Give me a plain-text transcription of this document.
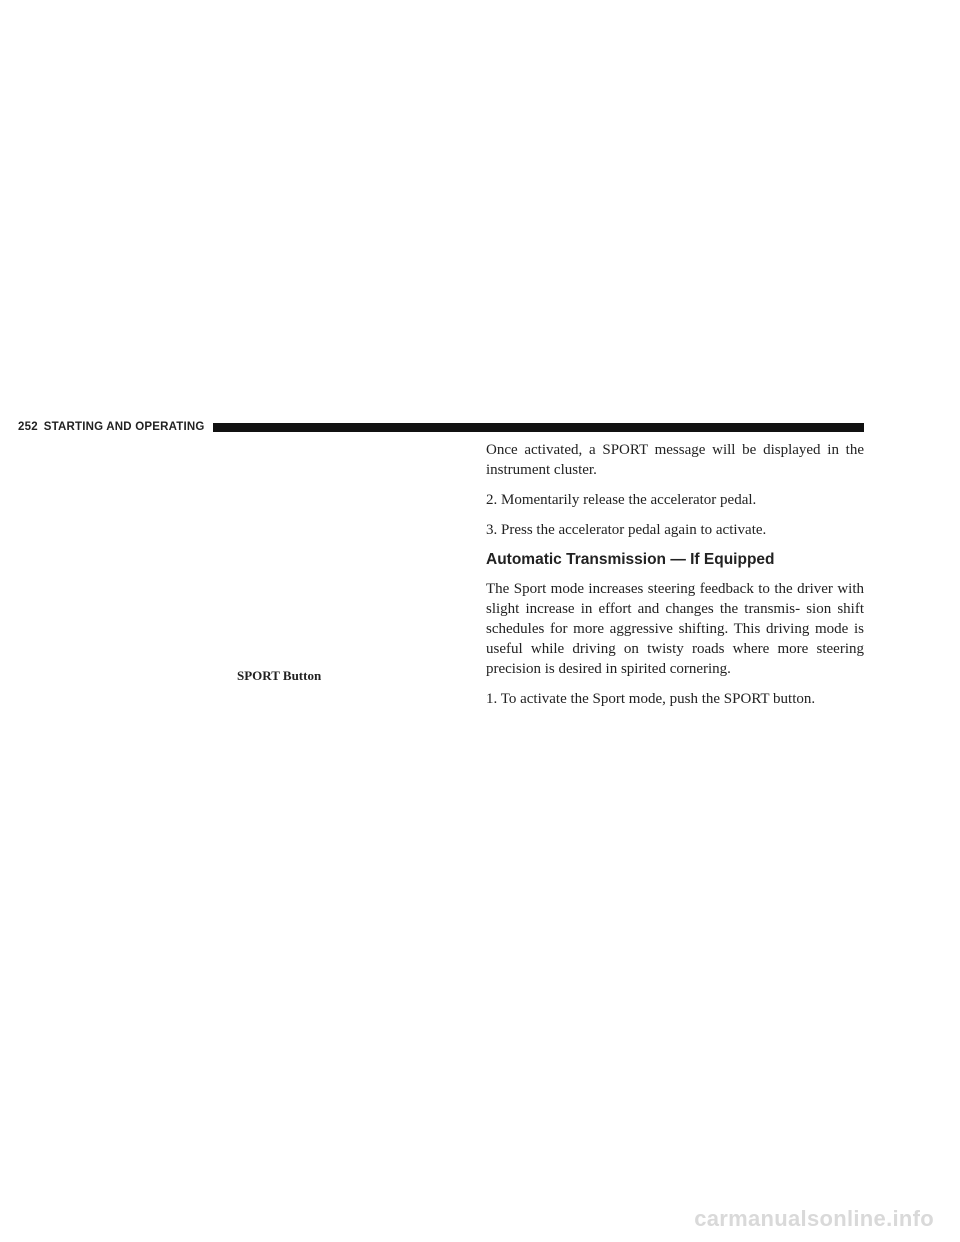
252 STARTING AND OPERATING
SPORT Button

Once activated, a SPORT message will be displayed in the instrument cluster.

2. Momentarily release the accelerator pedal.

3. Press the accelerator pedal again to activate.

Automatic Transmission — If Equipped

The Sport mode increases steering feedback to the driver with slight increase in effort and changes the transmis- sion shift schedules for more aggressive shifting. This driving mode is useful while driving on twisty roads where more steering precision is desired in spirited cornering.

1. To activate the Sport mode, push the SPORT button.

carmanualsonline.info
